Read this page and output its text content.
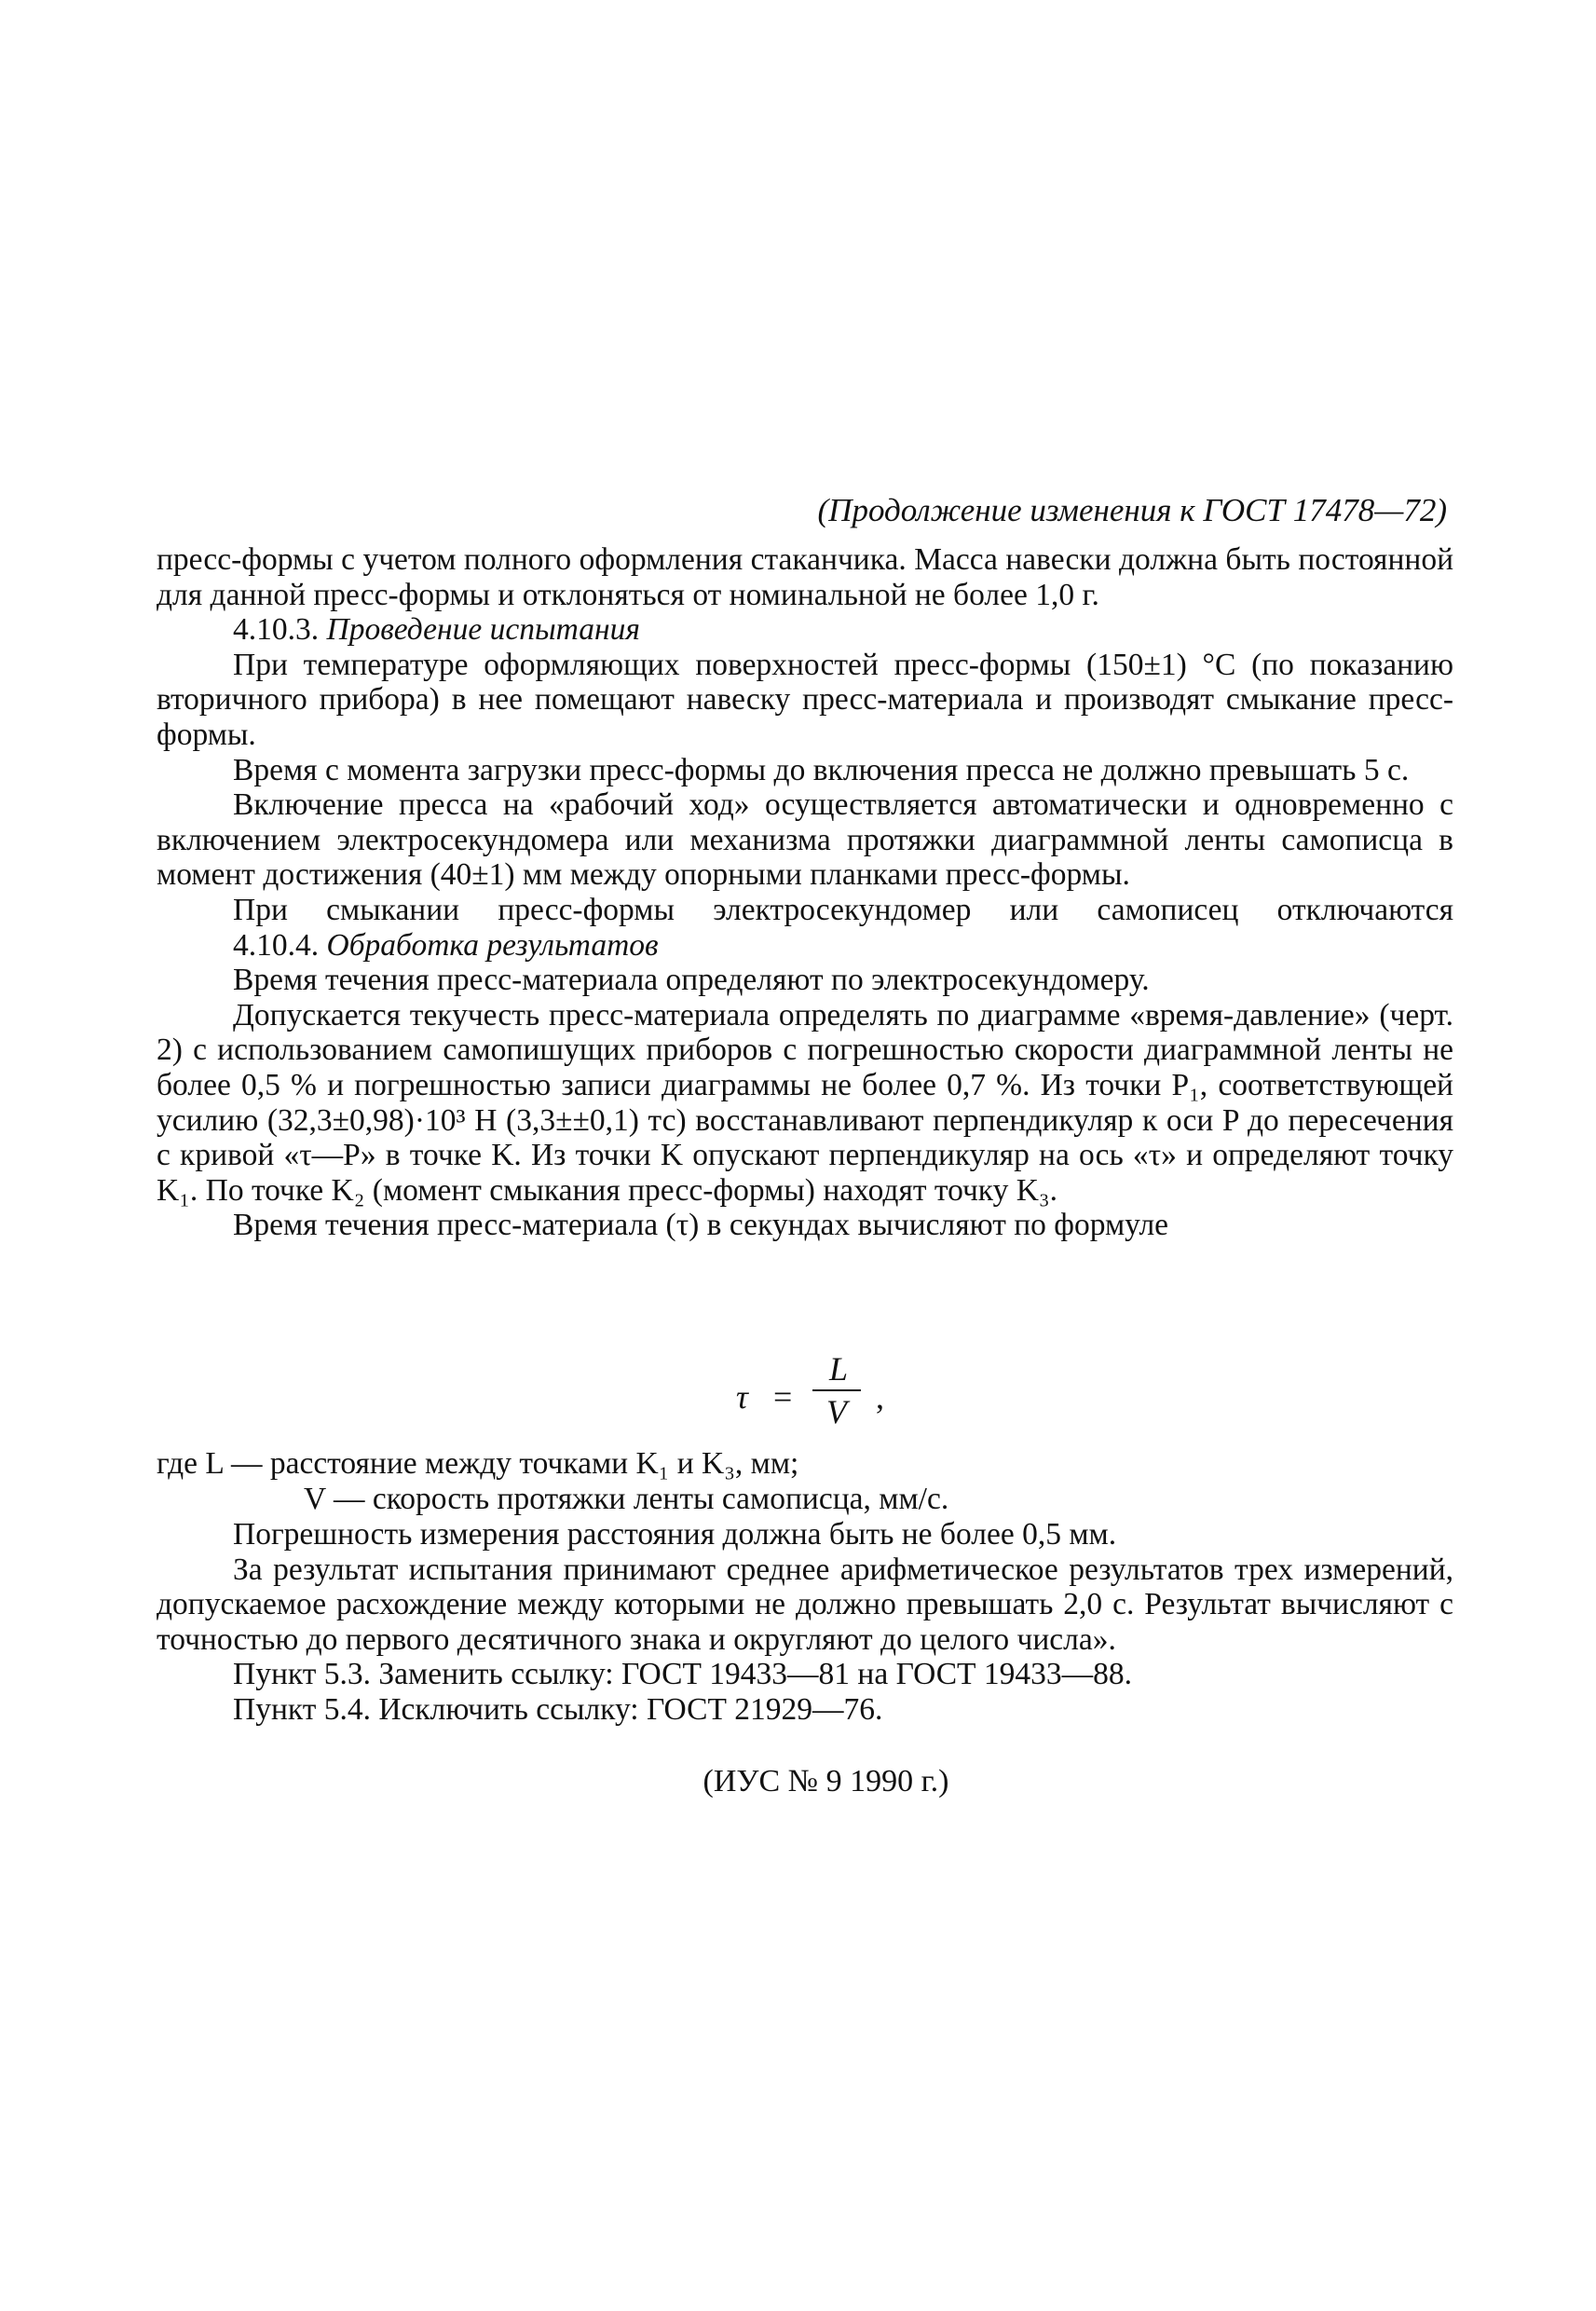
(Продолжение изменения к ГОСТ 17478—72)

пресс-формы с учетом полного оформления стаканчика. Масса навески должна быть постоянной для данной пресс-формы и отклоняться от номинальной не более 1,0 г.

4.10.3. Проведение испытания

При температуре оформляющих поверхностей пресс-формы (150±1) °С (по показанию вторичного прибора) в нее помещают навеску пресс-материала и производят смыкание пресс-формы.

Время с момента загрузки пресс-формы до включения пресса не должно превышать 5 с.

Включение пресса на «рабочий ход» осуществляется автоматически и одновременно с включением электросекундомера или механизма протяжки диаграммной ленты самописца в момент достижения (40±1) мм между опорными планками пресс-формы.

При смыкании пресс-формы электросекундомер или самописец отключаются

4.10.4. Обработка результатов

Время течения пресс-материала определяют по электросекундомеру.

Допускается текучесть пресс-материала определять по диаграмме «время-давление» (черт. 2) с использованием самопишущих приборов с погрешностью скорости диаграммной ленты не более 0,5 % и погрешностью записи диаграммы не более 0,7 %. Из точки P₁, соответствующей усилию (32,3±0,98)·10³ Н (3,3±±0,1) тс) восстанавливают перпендикуляр к оси P до пересечения с кривой «τ—P» в точке K. Из точки K опускают перпендикуляр на ось «τ» и определяют точку K₁. По точке K₂ (момент смыкания пресс-формы) находят точку K₃.

Время течения пресс-материала (τ) в секундах вычисляют по формуле

τ =
L
V ,

где L — расстояние между точками K₁ и K₃, мм;

V — скорость протяжки ленты самописца, мм/с.

Погрешность измерения расстояния должна быть не более 0,5 мм.

За результат испытания принимают среднее арифметическое результатов трех измерений, допускаемое расхождение между которыми не должно превышать 2,0 с. Результат вычисляют с точностью до первого десятичного знака и округляют до целого числа».

Пункт 5.3. Заменить ссылку: ГОСТ 19433—81 на ГОСТ 19433—88.

Пункт 5.4. Исключить ссылку: ГОСТ 21929—76.

(ИУС № 9 1990 г.)
